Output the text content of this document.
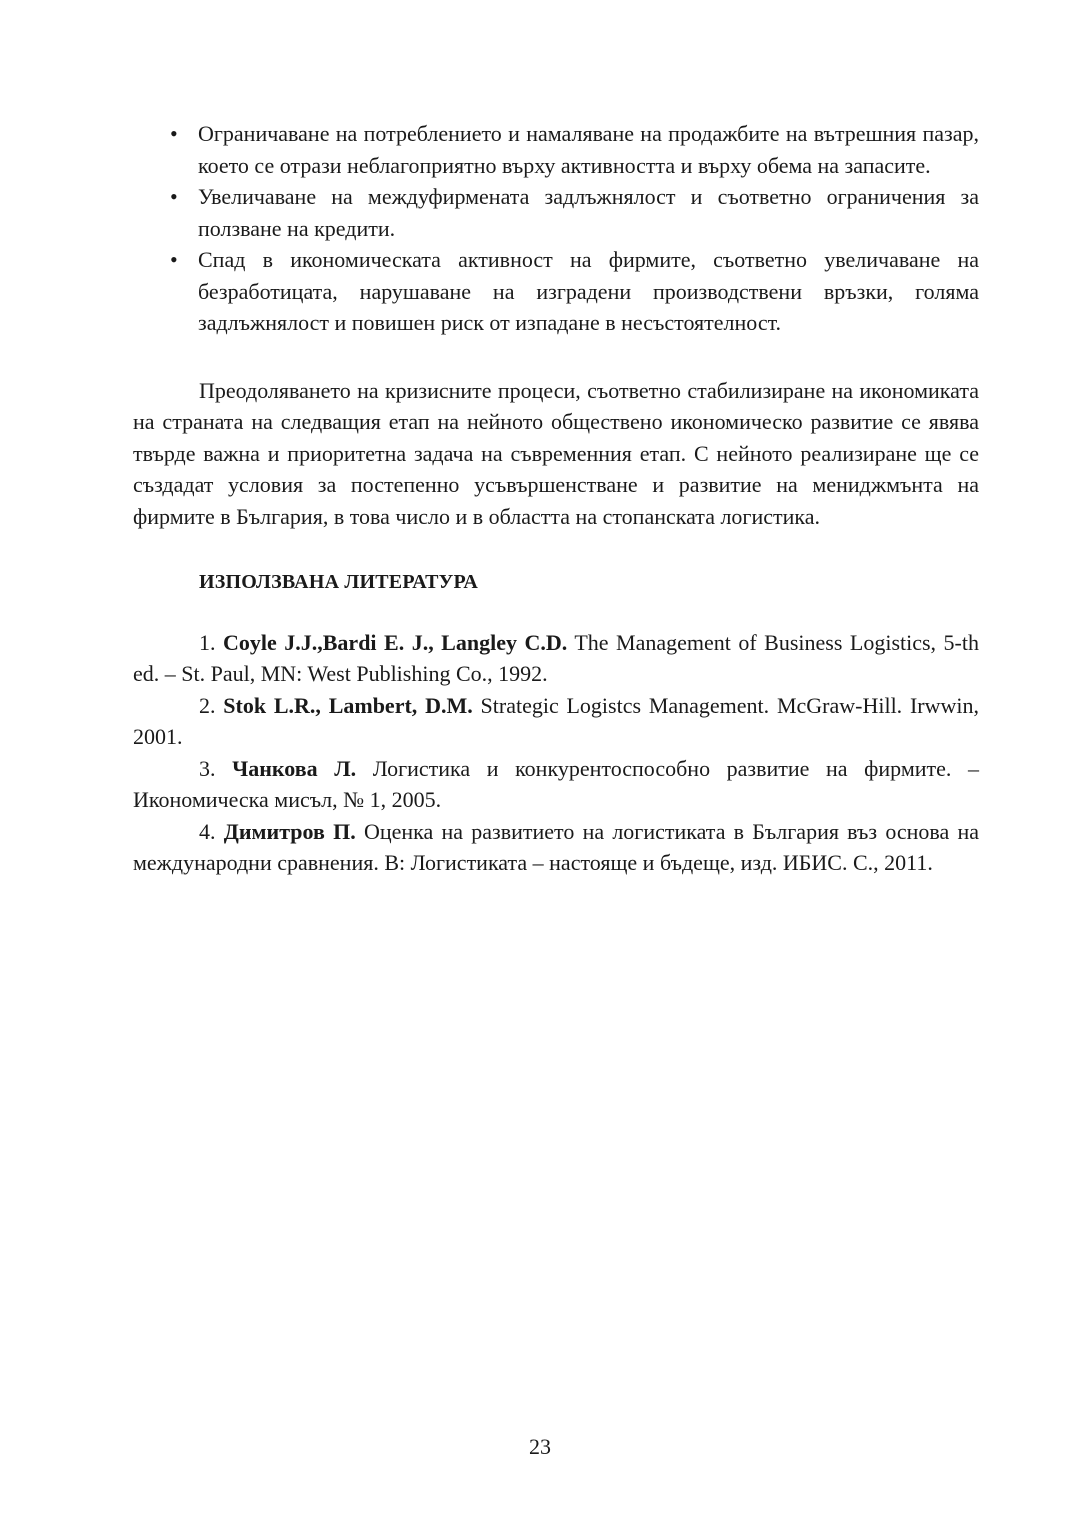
• Ограничаване на потреблението и намаляване на продажбите на вътрешния пазар, което се отрази неблагоприятно върху активността и върху обема на запасите.
• Увеличаване на междуфирмената задлъжнялост и съответно ограничения за ползване на кредити.
• Спад в икономическата активност на фирмите, съответно увеличаване на безработицата, нарушаване на изградени производствени връзки, голяма задлъжнялост и повишен риск от изпадане в несъстоятелност.

Преодоляването на кризисните процеси, съответно стабилизиране на икономиката на страната на следващия етап на нейното обществено икономическо развитие се явява твърде важна и приоритетна задача на съвременния етап. С нейното реализиране ще се създадат условия за постепенно усъвършенстване и развитие на мениджмънта на фирмите в България, в това число и в областта на стопанската логистика.

ИЗПОЛЗВАНА ЛИТЕРАТУРА
1. Coyle J.J.,Bardi E. J., Langley C.D. The Management of Business Logistics, 5-th ed. – St. Paul, MN: West Publishing Co., 1992.
2. Stok L.R., Lambert, D.M. Strategic Logistcs Management. McGraw-Hill. Irwwin, 2001.
3. Чанкова Л. Логистика и конкурентоспособно развитие на фирмите. – Икономическа мисъл, № 1, 2005.
4. Димитров П. Оценка на развитието на логистиката в България въз основа на международни сравнения. В: Логистиката – настояще и бъдеще, изд. ИБИС. С., 2011.
23
